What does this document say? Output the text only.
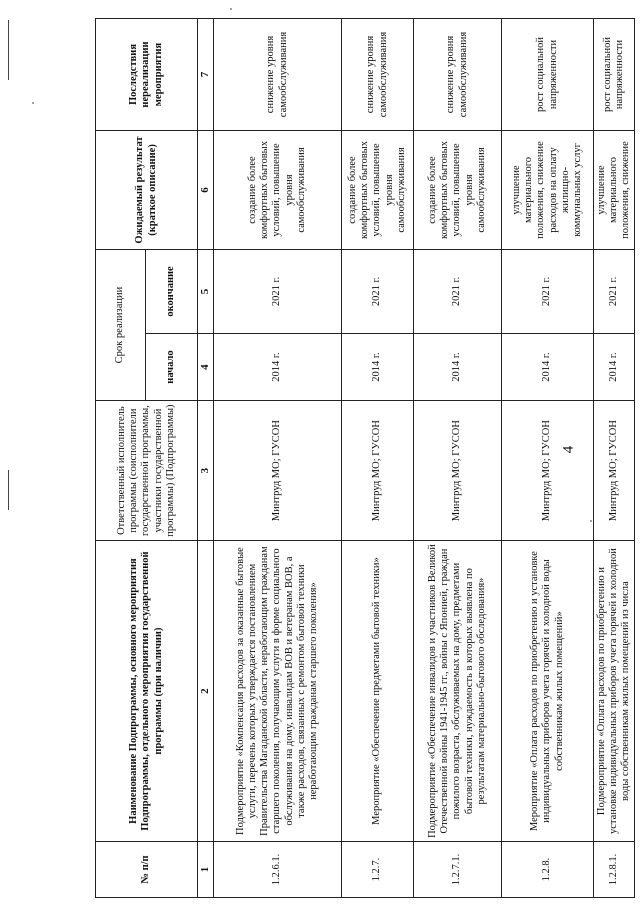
4
№ п/п	Наименование Подпрограммы, основного мероприятия Подпрограммы, отдельного мероприятия государственной программы (при наличии)	Ответственный исполнитель программы (соисполнители государственной программы, участники государственной программы) (Подпрограммы)	Срок реализации		Ожидаемый результат (краткое описание)	Последствия нереализации мероприятия
			начало	окончание		
1	2	3	4	5	6	7
1.2.6.1.	Подмероприятие «Компенсация расходов за оказанные бытовые услуги, перечень которых утверждается постановлением Правительства Магаданской области, неработающим гражданам старшего поколения, получающим услуги в форме социального обслуживания на дому, инвалидам ВОВ и ветеранам ВОВ, а также расходов, связанных с ремонтом бытовой техники неработающим гражданам старшего поколения»	Минтруд МО; ГУСОН	2014 г.	2021 г.	создание более комфортных бытовых условий, повышение уровня самообслуживания	снижение уровня самообслуживания
1.2.7.	Мероприятие «Обеспечение предметами бытовой техники»	Минтруд МО; ГУСОН	2014 г.	2021 г.	создание более комфортных бытовых условий, повышение уровня самообслуживания	снижение уровня самообслуживания
1.2.7.1.	Подмероприятие «Обеспечение инвалидов и участников Великой Отечественной войны 1941-1945 гг., войны с Японией, граждан пожилого возраста, обслуживаемых на дому, предметами бытовой техники, нуждаемость в которых выявлена по результатам материально-бытового обследования»	Минтруд МО; ГУСОН	2014 г.	2021 г.	создание более комфортных бытовых условий, повышение уровня самообслуживания	снижение уровня самообслуживания
1.2.8.	Мероприятие «Оплата расходов по приобретению и установке индивидуальных приборов учета горячей и холодной воды собственникам жилых помещений»	Минтруд МО; ГУСОН	2014 г.	2021 г.	улучшение материального положения, снижение расходов на оплату жилищно-коммунальных услуг	рост социальной напряженности
1.2.8.1.	Подмероприятие «Оплата расходов по приобретению и установке индивидуальных приборов учета горячей и холодной воды собственникам жилых помещений из числа	Минтруд МО; ГУСОН	2014 г.	2021 г.	улучшение материального положения, снижение	рост социальной напряженности
